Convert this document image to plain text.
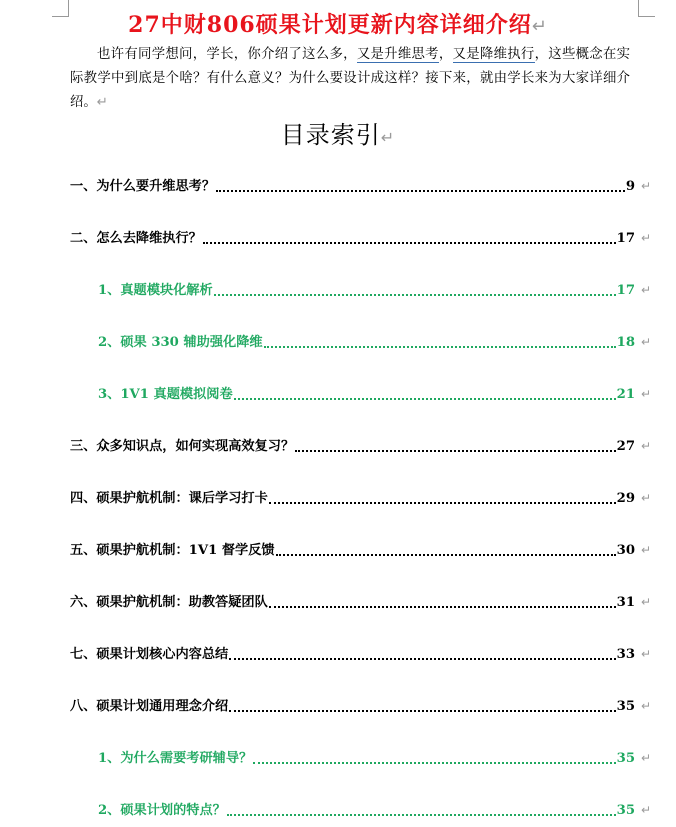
27中财806硕果计划更新内容详细介绍↵
也许有同学想问，学长，你介绍了这么多，又是升维思考，又是降维执行，这些概念在实际教学中到底是个啥？有什么意义？为什么要设计成这样？接下来，就由学长来为大家详细介绍。↵
目录索引↵
一、为什么要升维思考？	9 ↵
二、怎么去降维执行？	17 ↵
1、真题模块化解析	17 ↵
2、硕果 330 辅助强化降维	18 ↵
3、1V1 真题模拟阅卷	21 ↵
三、众多知识点，如何实现高效复习？	27 ↵
四、硕果护航机制：课后学习打卡	29 ↵
五、硕果护航机制：1V1 督学反馈	30 ↵
六、硕果护航机制：助教答疑团队	31 ↵
七、硕果计划核心内容总结	33 ↵
八、硕果计划通用理念介绍	35 ↵
1、为什么需要考研辅导？	35 ↵
2、硕果计划的特点？	35 ↵
